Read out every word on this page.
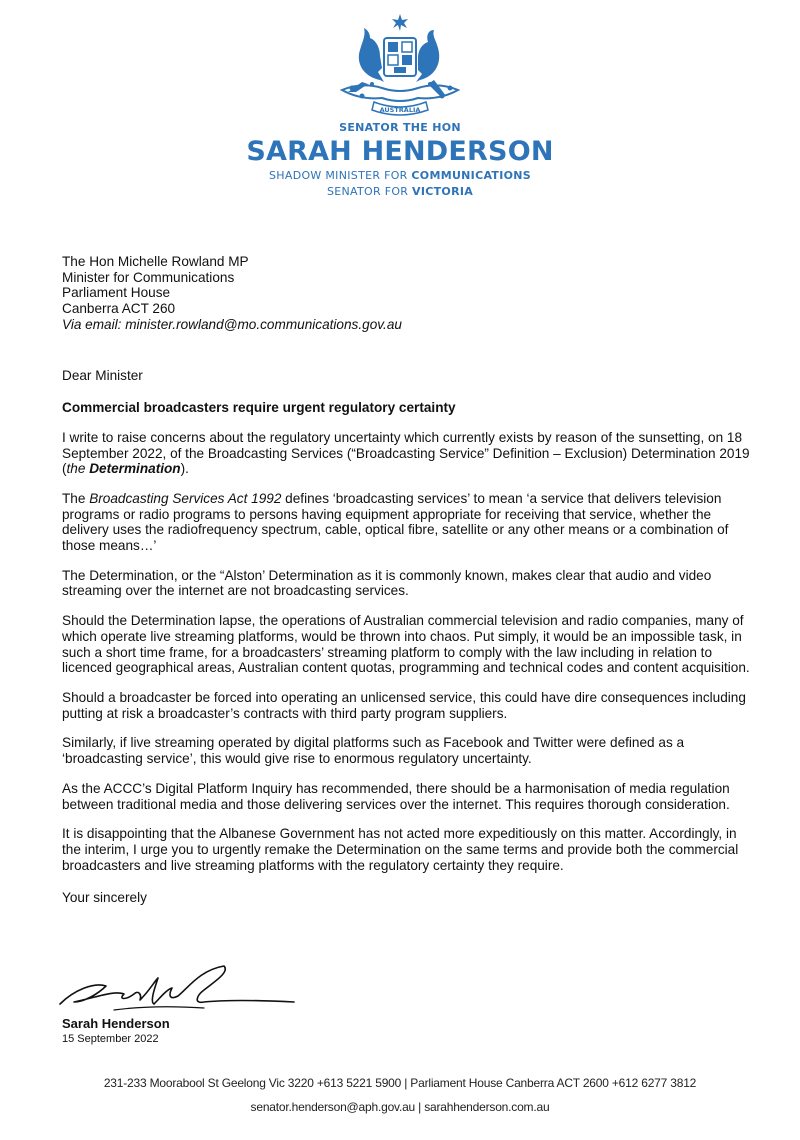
AUSTRALIA
SENATOR THE HON
SARAH HENDERSON
SHADOW MINISTER FOR COMMUNICATIONS
SENATOR FOR VICTORIA
The Hon Michelle Rowland MP
Minister for Communications
Parliament House
Canberra ACT 260
Via email: minister.rowland@mo.communications.gov.au

Dear Minister

Commercial broadcasters require urgent regulatory certainty

I write to raise concerns about the regulatory uncertainty which currently exists by reason of the sunsetting, on 18 September 2022, of the Broadcasting Services (“Broadcasting Service” Definition – Exclusion) Determination 2019 (the Determination).

The Broadcasting Services Act 1992 defines ‘broadcasting services’ to mean ‘a service that delivers television programs or radio programs to persons having equipment appropriate for receiving that service, whether the delivery uses the radiofrequency spectrum, cable, optical fibre, satellite or any other means or a combination of those means…’

The Determination, or the “Alston’ Determination as it is commonly known, makes clear that audio and video streaming over the internet are not broadcasting services.

Should the Determination lapse, the operations of Australian commercial television and radio companies, many of which operate live streaming platforms, would be thrown into chaos. Put simply, it would be an impossible task, in such a short time frame, for a broadcasters’ streaming platform to comply with the law including in relation to licenced geographical areas, Australian content quotas, programming and technical codes and content acquisition.

Should a broadcaster be forced into operating an unlicensed service, this could have dire consequences including putting at risk a broadcaster’s contracts with third party program suppliers.

Similarly, if live streaming operated by digital platforms such as Facebook and Twitter were defined as a ‘broadcasting service’, this would give rise to enormous regulatory uncertainty.

As the ACCC’s Digital Platform Inquiry has recommended, there should be a harmonisation of media regulation between traditional media and those delivering services over the internet. This requires thorough consideration.

It is disappointing that the Albanese Government has not acted more expeditiously on this matter. Accordingly, in the interim, I urge you to urgently remake the Determination on the same terms and provide both the commercial broadcasters and live streaming platforms with the regulatory certainty they require.

Your sincerely

Sarah Henderson
15 September 2022
231-233 Moorabool St Geelong Vic 3220 +613 5221 5900 | Parliament House Canberra ACT 2600 +612 6277 3812
senator.henderson@aph.gov.au | sarahhenderson.com.au
